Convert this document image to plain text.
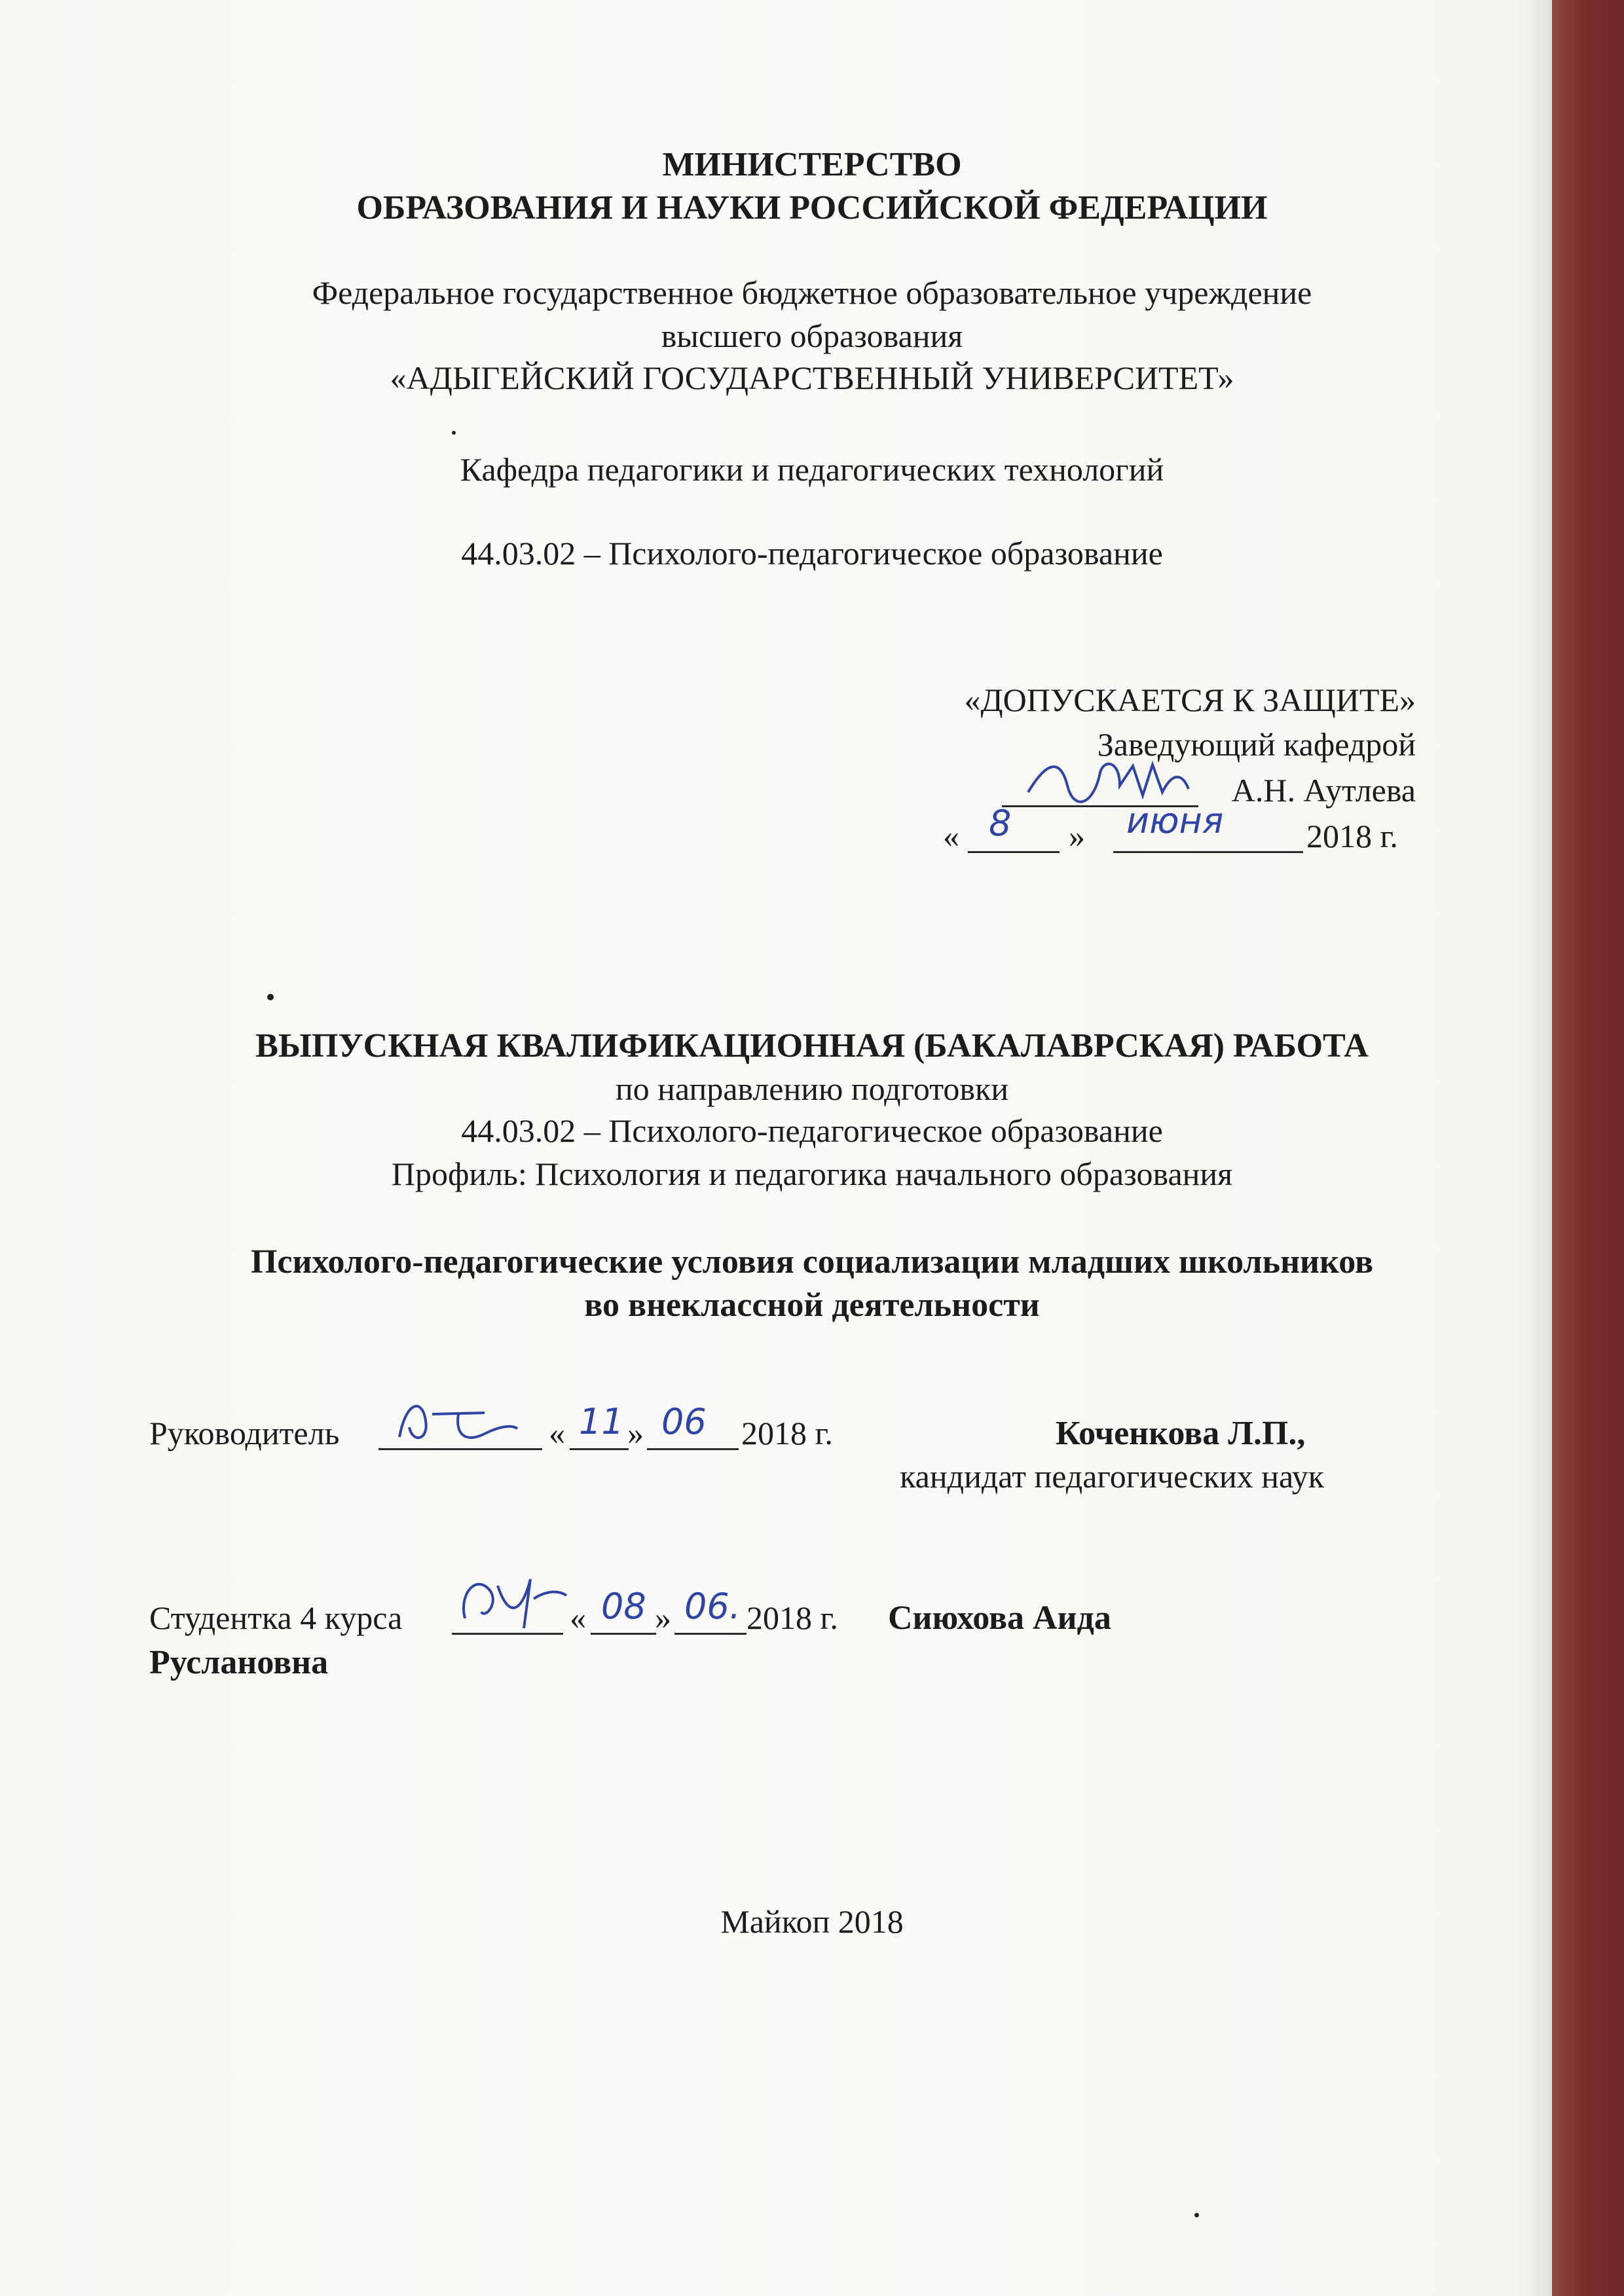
МИНИСТЕРСТВО
ОБРАЗОВАНИЯ И НАУКИ РОССИЙСКОЙ ФЕДЕРАЦИИ
Федеральное государственное бюджетное образовательное учреждение
высшего образования
«АДЫГЕЙСКИЙ ГОСУДАРСТВЕННЫЙ УНИВЕРСИТЕТ»
Кафедра педагогики и педагогических технологий
44.03.02 – Психолого-педагогическое образование
«ДОПУСКАЕТСЯ К ЗАЩИТЕ»
Заведующий кафедрой
А.Н. Аутлева
« 8 » июня	2018 г.
ВЫПУСКНАЯ КВАЛИФИКАЦИОННАЯ (БАКАЛАВРСКАЯ) РАБОТА
по направлению подготовки
44.03.02 – Психолого-педагогическое образование
Профиль: Психология и педагогика начального образования
Психолого-педагогические условия социализации младших школьников
во внеклассной деятельности
Руководитель	« 11 » 06 2018 г.	Коченкова Л.П.,
кандидат педагогических наук
Студентка 4 курса	« 08 » 06. 2018 г. Сиюхова Аида
Руслановна
Майкоп 2018
